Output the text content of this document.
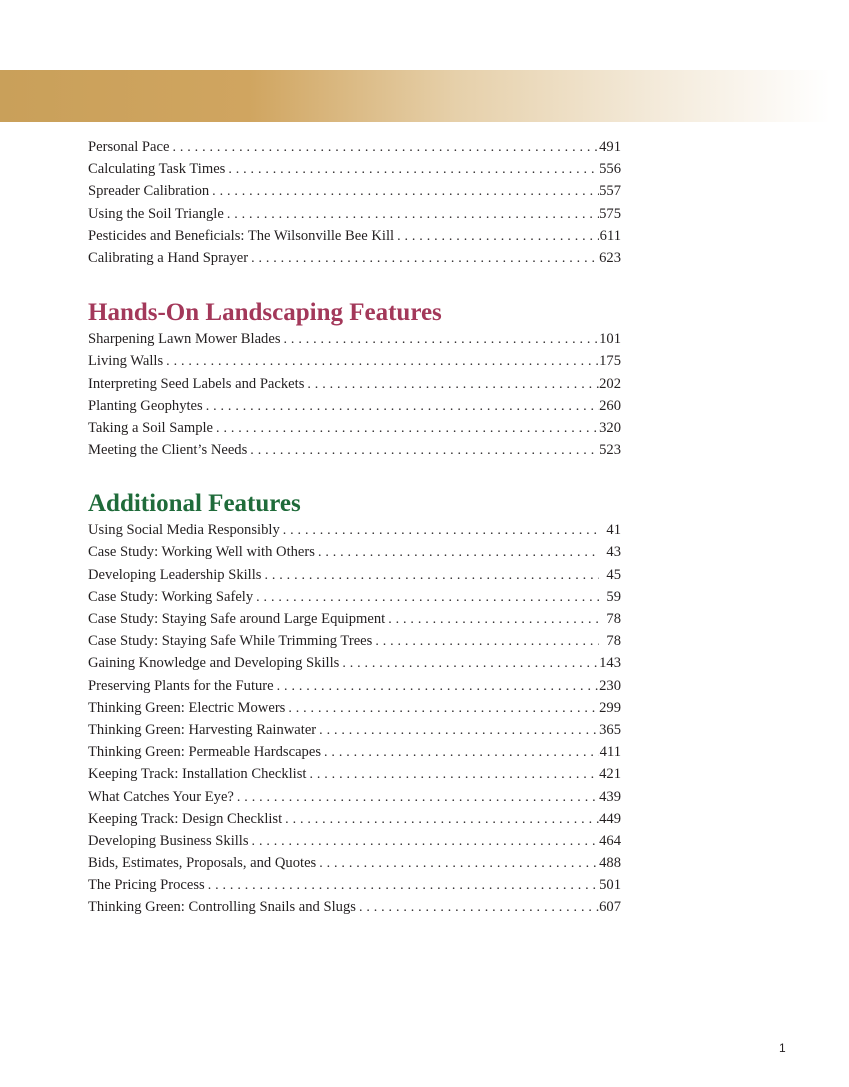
Personal Pace . . .	491
Calculating Task Times . . .	556
Spreader Calibration . . .	557
Using the Soil Triangle . . .	575
Pesticides and Beneficials: The Wilsonville Bee Kill . . .	611
Calibrating a Hand Sprayer . . .	623
Hands-On Landscaping Features
Sharpening Lawn Mower Blades . . .	101
Living Walls . . .	175
Interpreting Seed Labels and Packets . . .	202
Planting Geophytes . . .	260
Taking a Soil Sample . . .	320
Meeting the Client’s Needs . . .	523
Additional Features
Using Social Media Responsibly . . .	41
Case Study: Working Well with Others . . .	43
Developing Leadership Skills . . .	45
Case Study: Working Safely . . .	59
Case Study: Staying Safe around Large Equipment . . .	78
Case Study: Staying Safe While Trimming Trees . . .	78
Gaining Knowledge and Developing Skills . . .	143
Preserving Plants for the Future . . .	230
Thinking Green: Electric Mowers . . .	299
Thinking Green: Harvesting Rainwater . . .	365
Thinking Green: Permeable Hardscapes . . .	411
Keeping Track: Installation Checklist . . .	421
What Catches Your Eye? . . .	439
Keeping Track: Design Checklist . . .	449
Developing Business Skills . . .	464
Bids, Estimates, Proposals, and Quotes . . .	488
The Pricing Process . . .	501
Thinking Green: Controlling Snails and Slugs . . .	607
1
